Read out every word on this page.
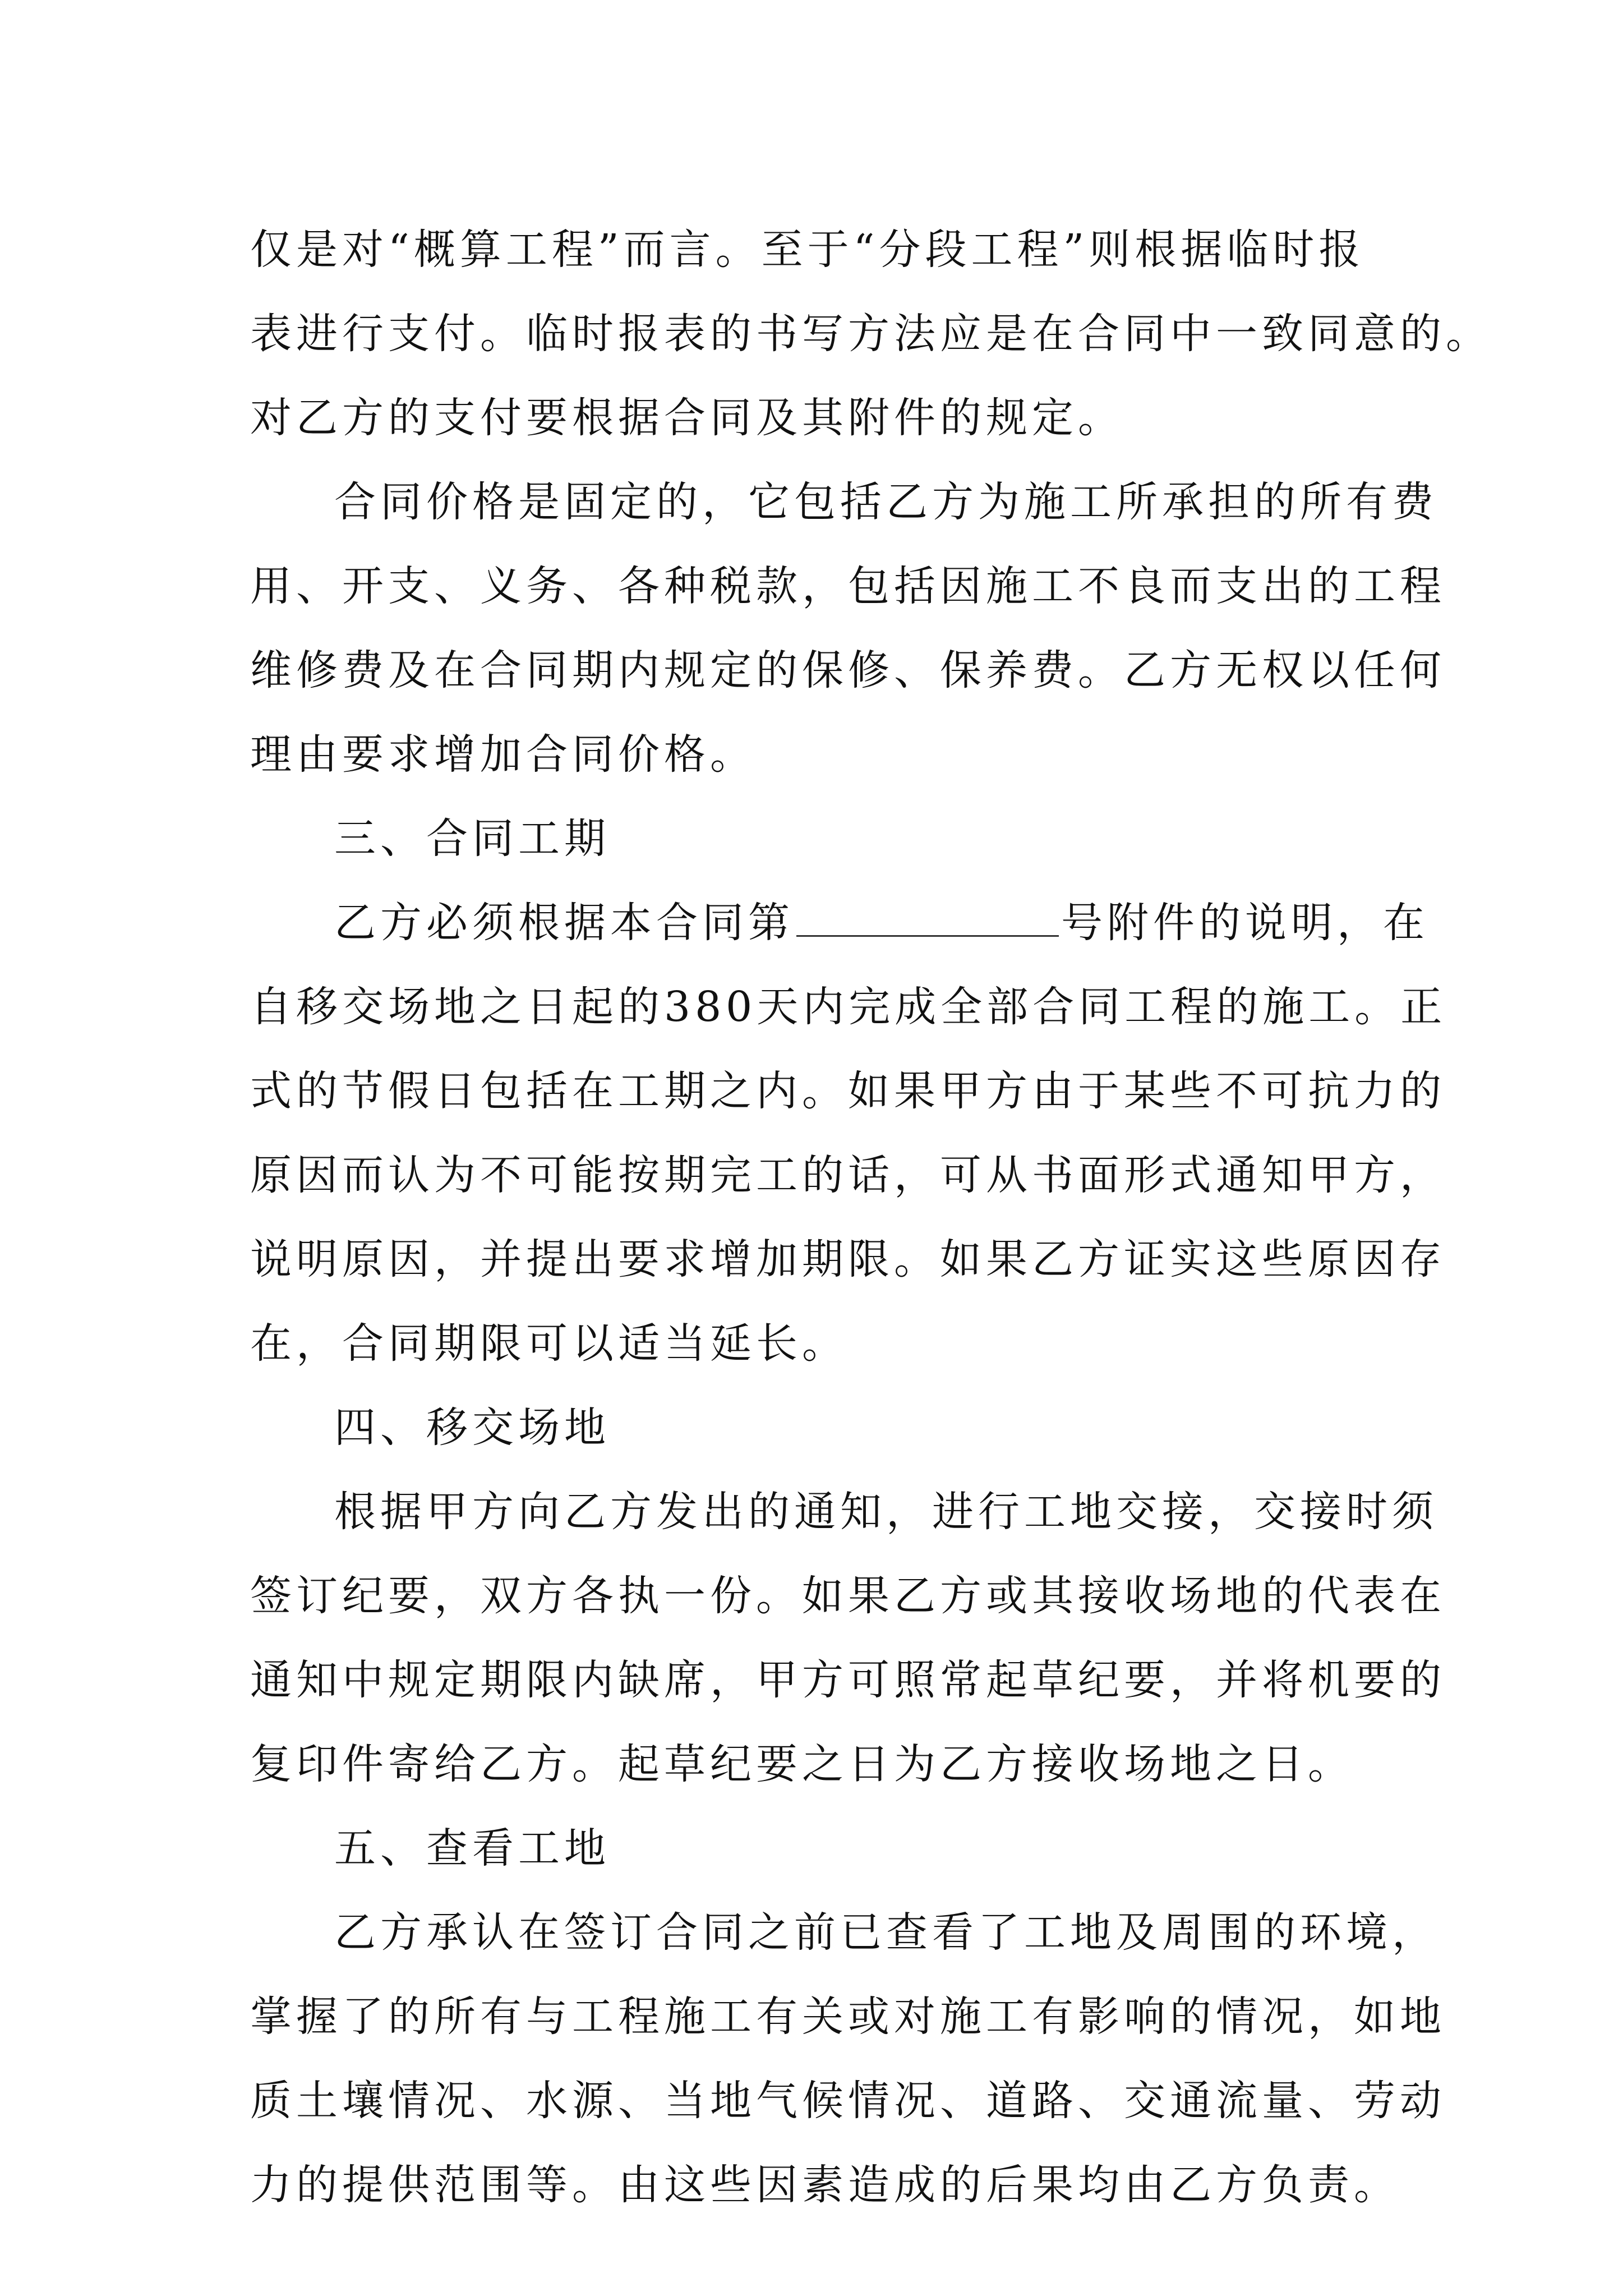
仅是对“概算工程”而言。至于“分段工程”则根据临时报
表进行支付。临时报表的书写方法应是在合同中一致同意的。
对乙方的支付要根据合同及其附件的规定。
合同价格是固定的，它包括乙方为施工所承担的所有费
用、开支、义务、各种税款，包括因施工不良而支出的工程
维修费及在合同期内规定的保修、保养费。乙方无权以任何
理由要求增加合同价格。
三、合同工期
乙方必须根据本合同第	号附件的说明，在
自移交场地之日起的380天内完成全部合同工程的施工。正
式的节假日包括在工期之内。如果甲方由于某些不可抗力的
原因而认为不可能按期完工的话，可从书面形式通知甲方，
说明原因，并提出要求增加期限。如果乙方证实这些原因存
在，合同期限可以适当延长。
四、移交场地
根据甲方向乙方发出的通知，进行工地交接，交接时须
签订纪要，双方各执一份。如果乙方或其接收场地的代表在
通知中规定期限内缺席，甲方可照常起草纪要，并将机要的
复印件寄给乙方。起草纪要之日为乙方接收场地之日。
五、查看工地
乙方承认在签订合同之前已查看了工地及周围的环境，
掌握了的所有与工程施工有关或对施工有影响的情况，如地
质土壤情况、水源、当地气候情况、道路、交通流量、劳动
力的提供范围等。由这些因素造成的后果均由乙方负责。
